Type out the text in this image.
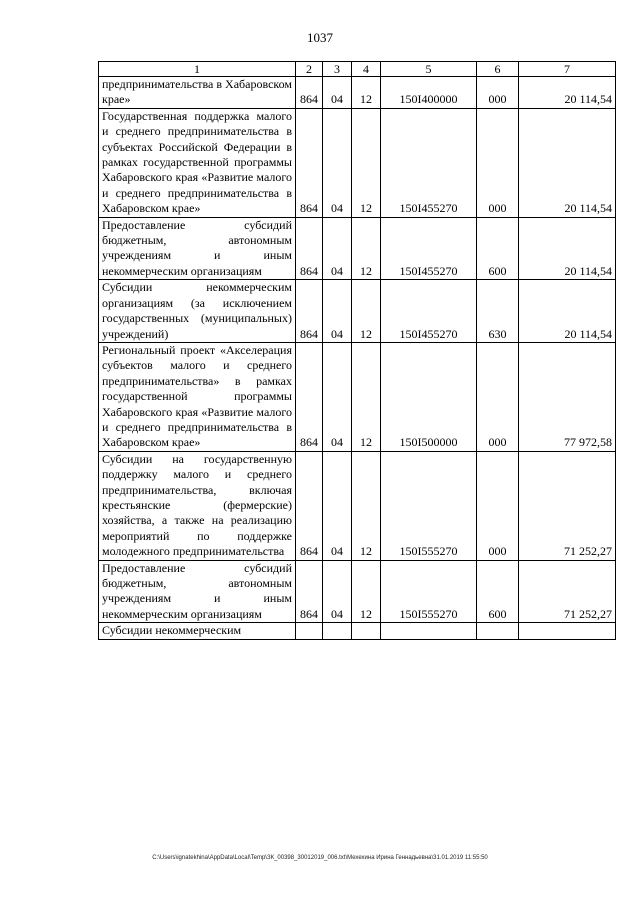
1037
1	2	3	4	5	6	7
предпринимательства в Хабаровском крае»	864	04	12	150I400000	000	20 114,54
Государственная поддержка малого и среднего предпринимательства в субъектах Российской Федерации в рамках государственной программы Хабаровского края «Развитие малого и среднего предпринимательства в Хабаровском крае»	864	04	12	150I455270	000	20 114,54
Предоставление субсидий бюджетным, автономным учреждениям и иным некоммерческим организациям	864	04	12	150I455270	600	20 114,54
Субсидии некоммерческим организациям (за исключением государственных (муниципальных) учреждений)	864	04	12	150I455270	630	20 114,54
Региональный проект «Акселерация субъектов малого и среднего предпринимательства» в рамках государственной программы Хабаровского края «Развитие малого и среднего предпринимательства в Хабаровском крае»	864	04	12	150I500000	000	77 972,58
Субсидии на государственную поддержку малого и среднего предпринимательства, включая крестьянские (фермерские) хозяйства, а также на реализацию мероприятий по поддержке молодежного предпринимательства	864	04	12	150I555270	000	71 252,27
Предоставление субсидий бюджетным, автономным учреждениям и иным некоммерческим организациям	864	04	12	150I555270	600	71 252,27
Субсидии некоммерческим						
C:\Users\ignatekhina\AppData\Local\Temp\ЗК_00398_30012019_006.txt\Мехехина Ирина Геннадьевна\31.01.2019 11:55:50
